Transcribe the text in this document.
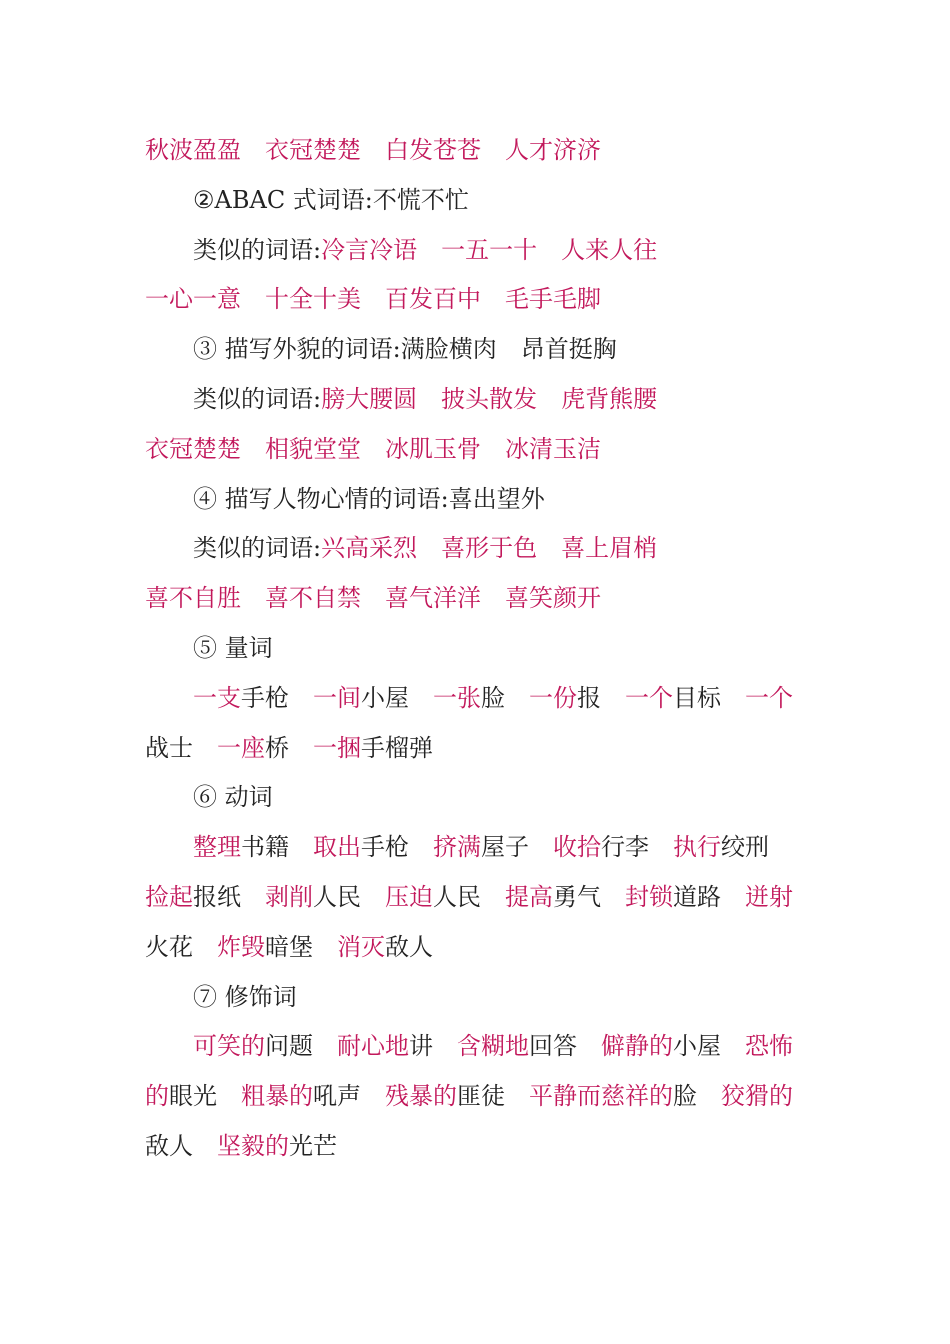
秋波盈盈 衣冠楚楚 白发苍苍 人才济济
②ABAC 式词语:不慌不忙
类似的词语:冷言冷语 一五一十 人来人往
一心一意 十全十美 百发百中 毛手毛脚
③ 描写外貌的词语:满脸横肉 昂首挺胸
类似的词语:膀大腰圆 披头散发 虎背熊腰
衣冠楚楚 相貌堂堂 冰肌玉骨 冰清玉洁
④ 描写人物心情的词语:喜出望外
类似的词语:兴高采烈 喜形于色 喜上眉梢
喜不自胜 喜不自禁 喜气洋洋 喜笑颜开
⑤ 量词
一支手枪 一间小屋 一张脸 一份报 一个目标 一个
战士 一座桥 一捆手榴弹
⑥ 动词
整理书籍 取出手枪 挤满屋子 收拾行李 执行绞刑
捡起报纸 剥削人民 压迫人民 提高勇气 封锁道路 迸射
火花 炸毁暗堡 消灭敌人
⑦ 修饰词
可笑的问题 耐心地讲 含糊地回答 僻静的小屋 恐怖
的眼光 粗暴的吼声 残暴的匪徒 平静而慈祥的脸 狡猾的
敌人 坚毅的光芒
